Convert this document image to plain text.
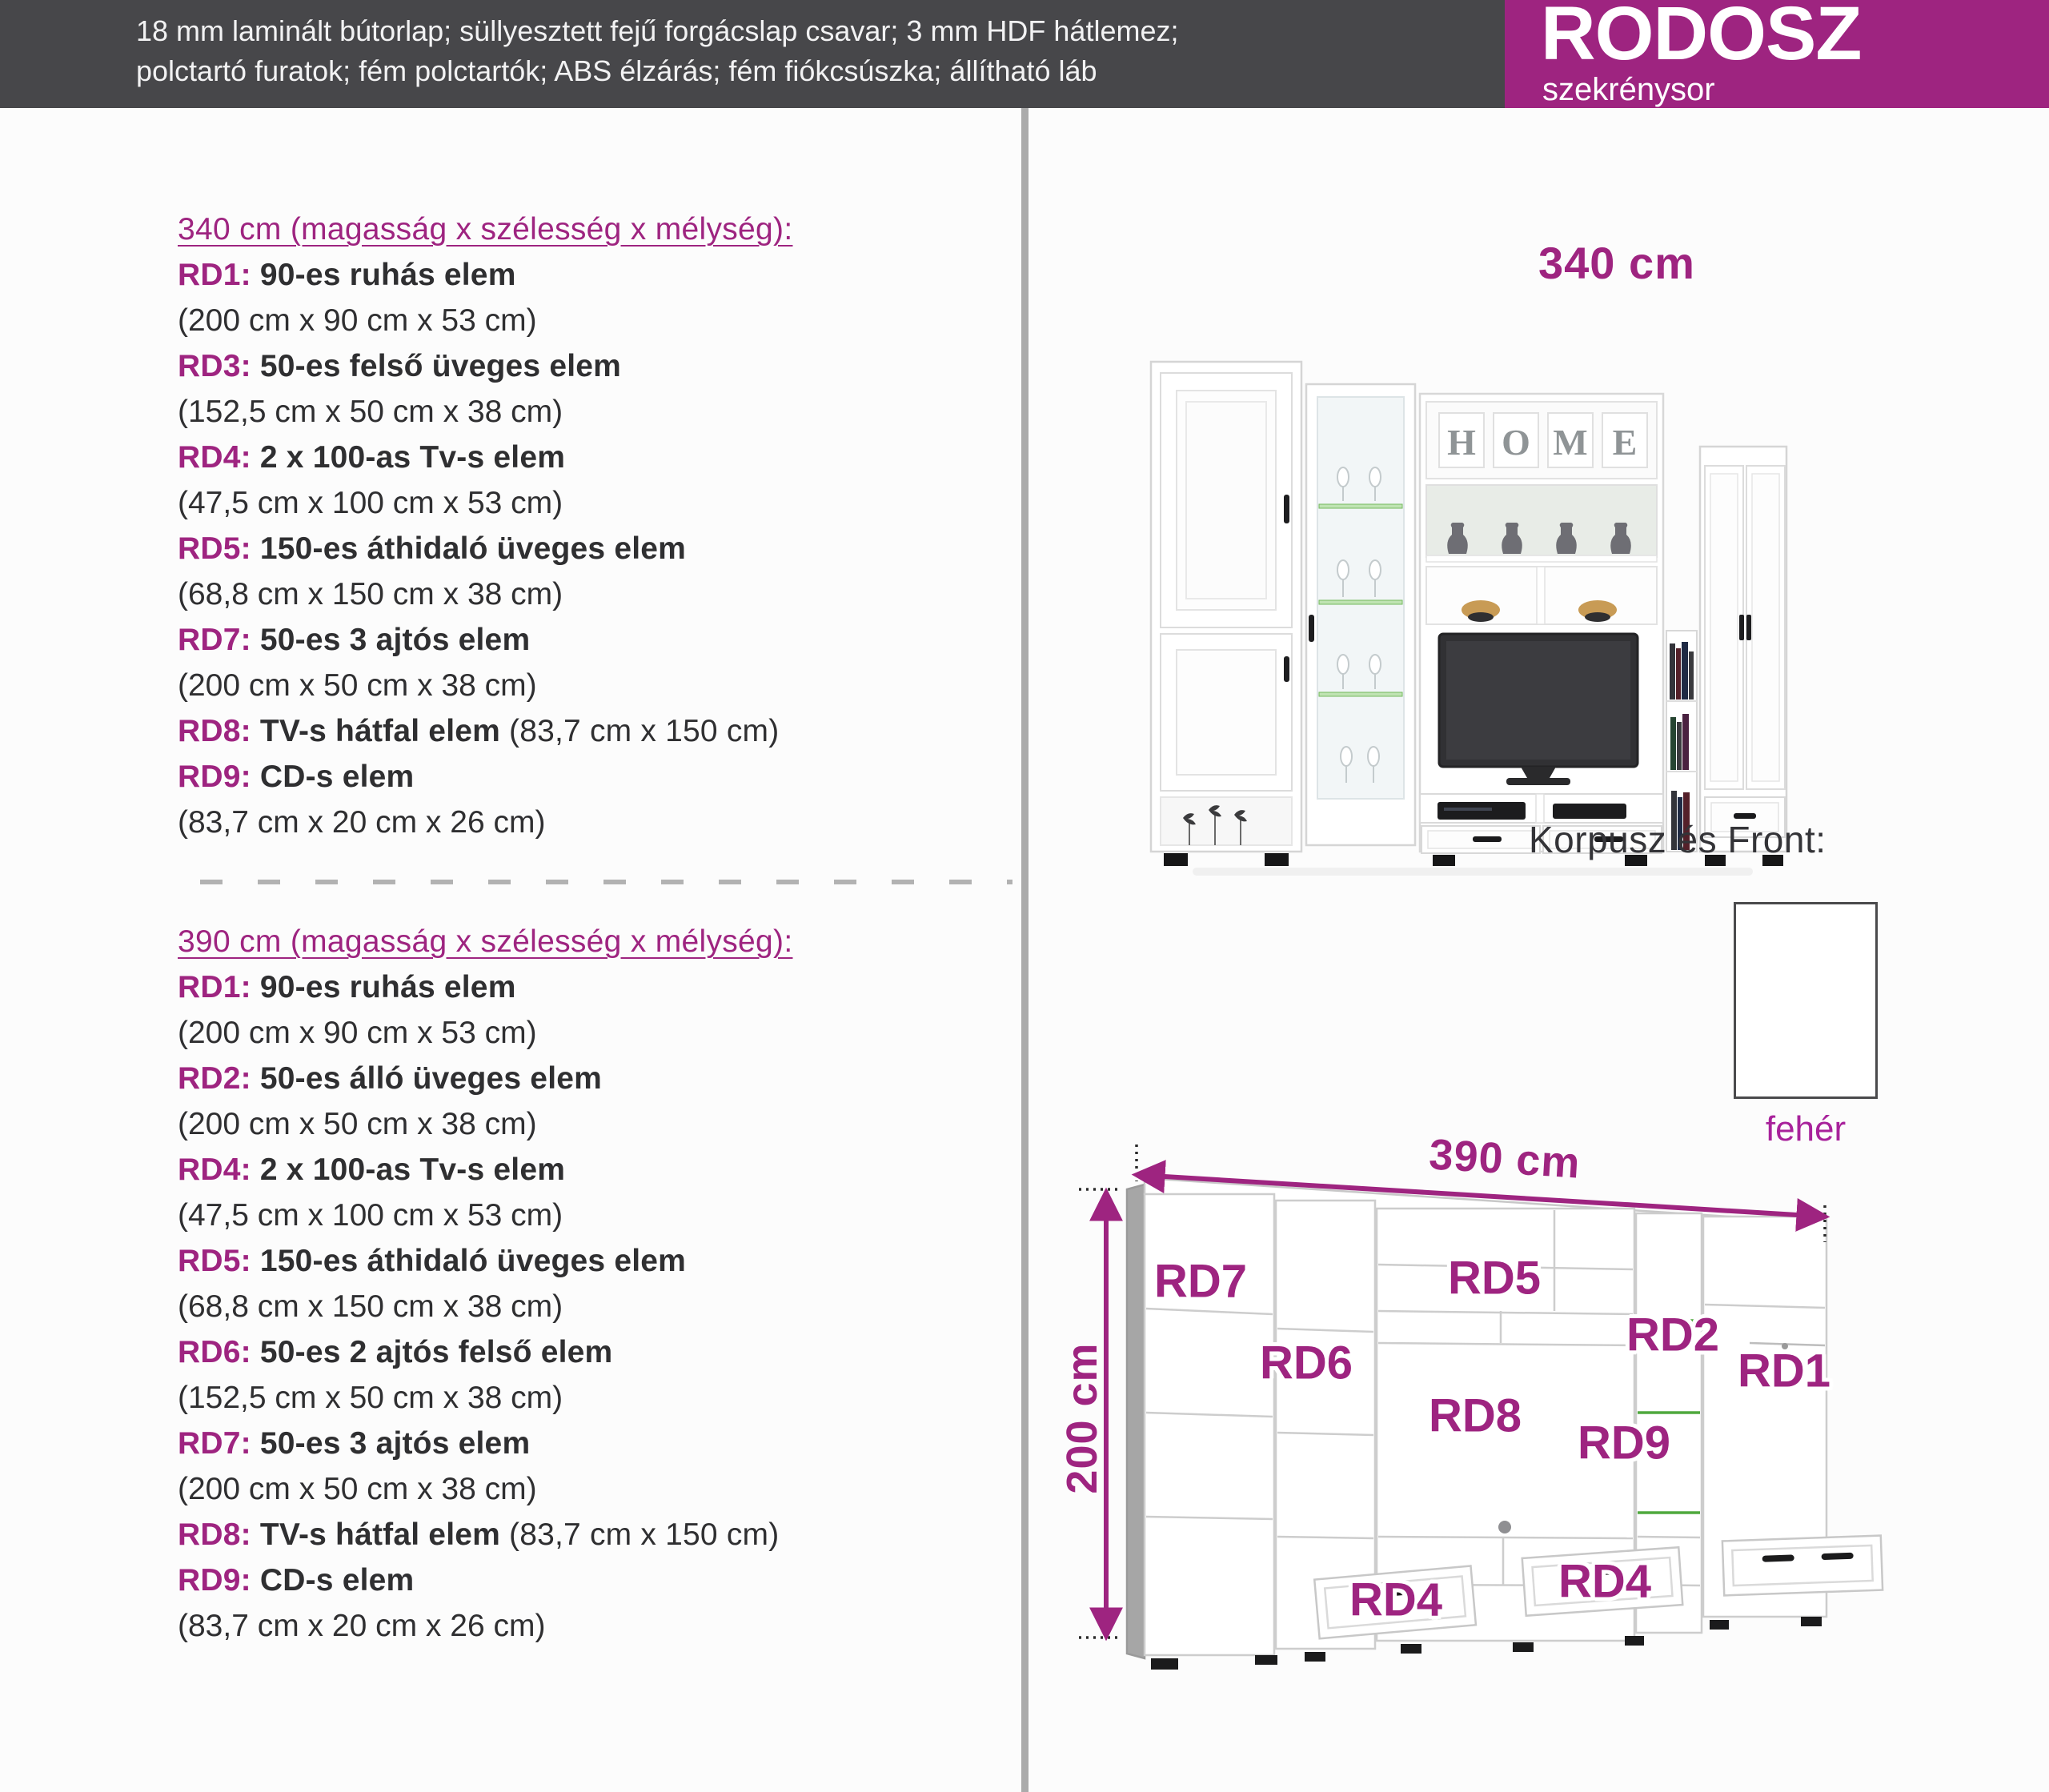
18 mm laminált bútorlap; süllyesztett fejű forgácslap csavar; 3 mm HDF hátlemez;
polctartó furatok; fém polctartók; ABS élzárás; fém fiókcsúszka; állítható láb	RODOSZ
szekrénysor
340 cm (magasság x szélesség x mélység):
RD1: 90-es ruhás elem
(200 cm x 90 cm x 53 cm)
RD3: 50-es felső üveges elem
(152,5 cm x 50 cm x 38 cm)
RD4: 2 x 100-as Tv-s elem
(47,5 cm x 100 cm x 53 cm)
RD5: 150-es áthidaló üveges elem
(68,8 cm x 150 cm x 38 cm)
RD7: 50-es 3 ajtós elem
(200 cm x 50 cm x 38 cm)
RD8: TV-s hátfal elem (83,7 cm x 150 cm)
RD9: CD-s elem
(83,7 cm x 20 cm x 26 cm)
390 cm (magasság x szélesség x mélység):
RD1: 90-es ruhás elem
(200 cm x 90 cm x 53 cm)
RD2: 50-es álló üveges elem
(200 cm x 50 cm x 38 cm)
RD4: 2 x 100-as Tv-s elem
(47,5 cm x 100 cm x 53 cm)
RD5: 150-es áthidaló üveges elem
(68,8 cm x 150 cm x 38 cm)
RD6: 50-es 2 ajtós felső elem
(152,5 cm x 50 cm x 38 cm)
RD7: 50-es 3 ajtós elem
(200 cm x 50 cm x 38 cm)
RD8: TV-s hátfal elem (83,7 cm x 150 cm)
RD9: CD-s elem
(83,7 cm x 20 cm x 26 cm)
340 cm
H O M E
Korpusz és Front:
fehér
RD7	RD5
RD2
RD1
RD6
RD8
RD9
RD4 RD4
390 cm
200 cm
